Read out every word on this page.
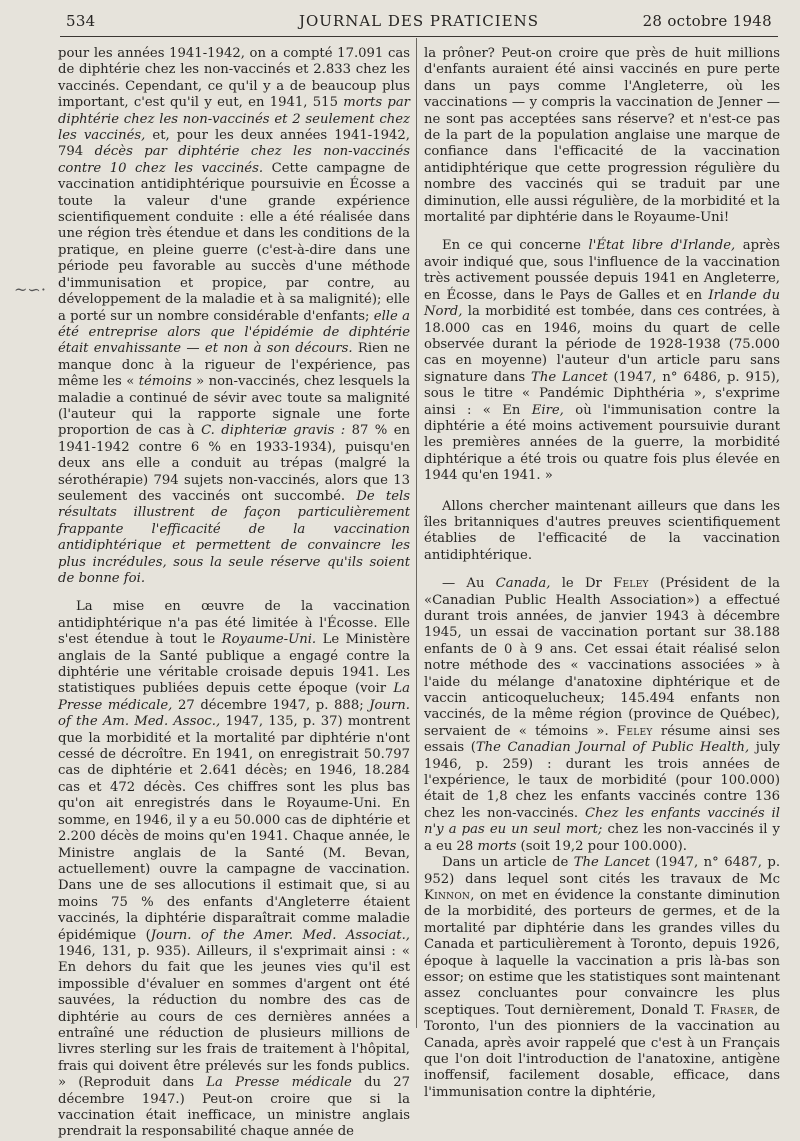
534	JOURNAL DES PRATICIENS	28 octobre 1948
~∽·

pour les années 1941-1942, on a compté 17.091 cas de diphtérie chez les non-vaccinés et 2.833 chez les vaccinés. Cependant, ce qu'il y a de beaucoup plus important, c'est qu'il y eut, en 1941, 515 morts par diphtérie chez les non-vaccinés et 2 seulement chez les vaccinés, et, pour les deux années 1941-1942, 794 décès par diphtérie chez les non-vaccinés contre 10 chez les vaccinés. Cette campagne de vaccination antidiphtérique poursuivie en Écosse a toute la valeur d'une grande expérience scientifiquement conduite : elle a été réalisée dans une région très étendue et dans les conditions de la pratique, en pleine guerre (c'est-à-dire dans une période peu favorable au succès d'une méthode d'immunisation et propice, par contre, au développement de la maladie et à sa malignité); elle a porté sur un nombre considérable d'enfants; elle a été entreprise alors que l'épidémie de diphtérie était envahissante — et non à son décours. Rien ne manque donc à la rigueur de l'expérience, pas même les « témoins » non-vaccinés, chez lesquels la maladie a continué de sévir avec toute sa malignité (l'auteur qui la rapporte signale une forte proportion de cas à C. diphteriæ gravis : 87 % en 1941-1942 contre 6 % en 1933-1934), puisqu'en deux ans elle a conduit au trépas (malgré la sérothérapie) 794 sujets non-vaccinés, alors que 13 seulement des vaccinés ont succombé. De tels résultats illustrent de façon particulièrement frappante l'efficacité de la vaccination antidiphtérique et permettent de convaincre les plus incrédules, sous la seule réserve qu'ils soient de bonne foi.

La mise en œuvre de la vaccination antidiphtérique n'a pas été limitée à l'Écosse. Elle s'est étendue à tout le Royaume-Uni. Le Ministère anglais de la Santé publique a engagé contre la diphtérie une véritable croisade depuis 1941. Les statistiques publiées depuis cette époque (voir La Presse médicale, 27 décembre 1947, p. 888; Journ. of the Am. Med. Assoc., 1947, 135, p. 37) montrent que la morbidité et la mortalité par diphtérie n'ont cessé de décroître. En 1941, on enregistrait 50.797 cas de diphtérie et 2.641 décès; en 1946, 18.284 cas et 472 décès. Ces chiffres sont les plus bas qu'on ait enregistrés dans le Royaume-Uni. En somme, en 1946, il y a eu 50.000 cas de diphtérie et 2.200 décès de moins qu'en 1941. Chaque année, le Ministre anglais de la Santé (M. Bevan, actuellement) ouvre la campagne de vaccination. Dans une de ses allocutions il estimait que, si au moins 75 % des enfants d'Angleterre étaient vaccinés, la diphtérie disparaîtrait comme maladie épidémique (Journ. of the Amer. Med. Associat., 1946, 131, p. 935). Ailleurs, il s'exprimait ainsi : « En dehors du fait que les jeunes vies qu'il est impossible d'évaluer en sommes d'argent ont été sauvées, la réduction du nombre des cas de diphtérie au cours de ces dernières années a entraîné une réduction de plusieurs millions de livres sterling sur les frais de traitement à l'hôpital, frais qui doivent être prélevés sur les fonds publics. » (Reproduit dans La Presse médicale du 27 décembre 1947.) Peut-on croire que si la vaccination était inefficace, un ministre anglais prendrait la responsabilité chaque année de

la prôner? Peut-on croire que près de huit millions d'enfants auraient été ainsi vaccinés en pure perte dans un pays comme l'Angleterre, où les vaccinations — y compris la vaccination de Jenner — ne sont pas acceptées sans réserve? et n'est-ce pas de la part de la population anglaise une marque de confiance dans l'efficacité de la vaccination antidiphtérique que cette progression régulière du nombre des vaccinés qui se traduit par une diminution, elle aussi régulière, de la morbidité et la mortalité par diphtérie dans le Royaume-Uni!

En ce qui concerne l'État libre d'Irlande, après avoir indiqué que, sous l'influence de la vaccination très activement poussée depuis 1941 en Angleterre, en Écosse, dans le Pays de Galles et en Irlande du Nord, la morbidité est tombée, dans ces contrées, à 18.000 cas en 1946, moins du quart de celle observée durant la période de 1928-1938 (75.000 cas en moyenne) l'auteur d'un article paru sans signature dans The Lancet (1947, n° 6486, p. 915), sous le titre « Pandémic Diphthéria », s'exprime ainsi : « En Eire, où l'immunisation contre la diphtérie a été moins activement poursuivie durant les premières années de la guerre, la morbidité diphtérique a été trois ou quatre fois plus élevée en 1944 qu'en 1941. »

Allons chercher maintenant ailleurs que dans les îles britanniques d'autres preuves scientifiquement établies de l'efficacité de la vaccination antidiphtérique.

— Au Canada, le Dr Feley (Président de la «Canadian Public Health Association») a effectué durant trois années, de janvier 1943 à décembre 1945, un essai de vaccination portant sur 38.188 enfants de 0 à 9 ans. Cet essai était réalisé selon notre méthode des « vaccinations associées » à l'aide du mélange d'anatoxine diphtérique et de vaccin anticoquelucheux; 145.494 enfants non vaccinés, de la même région (province de Québec), servaient de « témoins ». Feley résume ainsi ses essais (The Canadian Journal of Public Health, july 1946, p. 259) : durant les trois années de l'expérience, le taux de morbidité (pour 100.000) était de 1,8 chez les enfants vaccinés contre 136 chez les non-vaccinés. Chez les enfants vaccinés il n'y a pas eu un seul mort; chez les non-vaccinés il y a eu 28 morts (soit 19,2 pour 100.000).

Dans un article de The Lancet (1947, n° 6487, p. 952) dans lequel sont cités les travaux de Mc Kinnon, on met en évidence la constante diminution de la morbidité, des porteurs de germes, et de la mortalité par diphtérie dans les grandes villes du Canada et particulièrement à Toronto, depuis 1926, époque à laquelle la vaccination a pris là-bas son essor; on estime que les statistiques sont maintenant assez concluantes pour convaincre les plus sceptiques. Tout dernièrement, Donald T. Fraser, de Toronto, l'un des pionniers de la vaccination au Canada, après avoir rappelé que c'est à un Français que l'on doit l'introduction de l'anatoxine, antigène inoffensif, facilement dosable, efficace, dans l'immunisation contre la diphtérie,
